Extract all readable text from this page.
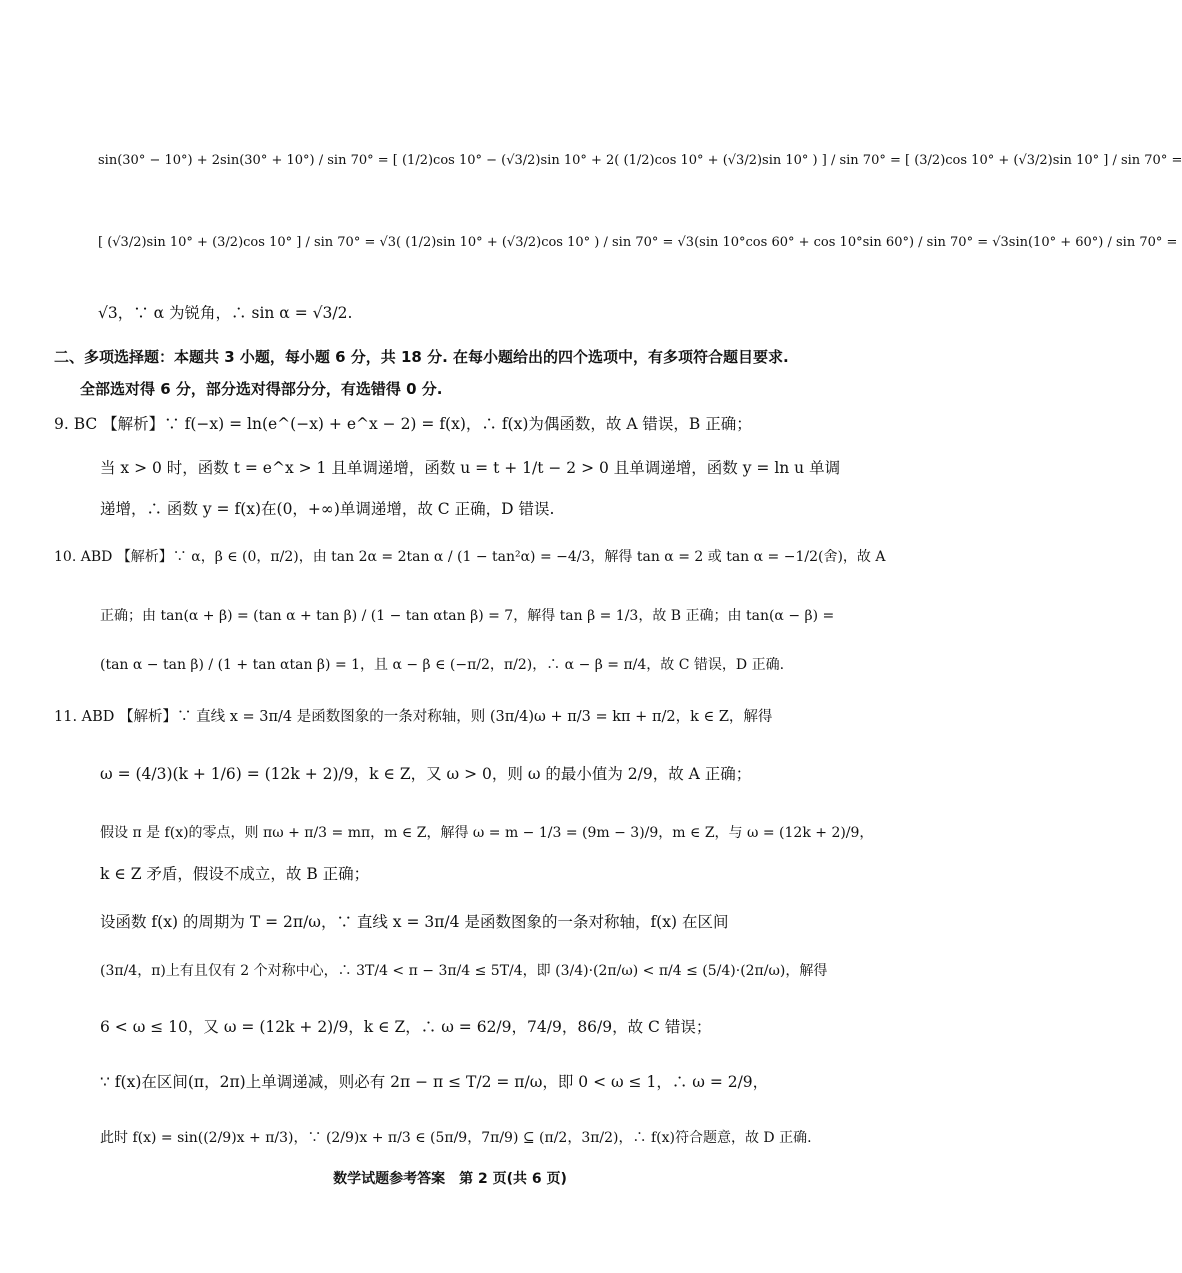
sin(30° − 10°) + 2sin(30° + 10°) / sin 70° = [ (1/2)cos 10° − (√3/2)sin 10° + 2( (1/2)cos 10° + (√3/2)sin 10° ) ] / sin 70° = [ (3/2)cos 10° + (√3/2)sin 10° ] / sin 70° =
[ (√3/2)sin 10° + (3/2)cos 10° ] / sin 70° = √3( (1/2)sin 10° + (√3/2)cos 10° ) / sin 70° = √3(sin 10°cos 60° + cos 10°sin 60°) / sin 70° = √3sin(10° + 60°) / sin 70° =
√3，∵ α 为锐角，∴ sin α = √3/2.
二、多项选择题：本题共 3 小题，每小题 6 分，共 18 分. 在每小题给出的四个选项中，有多项符合题目要求.
全部选对得 6 分，部分选对得部分分，有选错得 0 分.
9. BC 【解析】∵ f(−x) = ln(e^(−x) + e^x − 2) = f(x)，∴ f(x)为偶函数，故 A 错误，B 正确；
当 x > 0 时，函数 t = e^x > 1 且单调递增，函数 u = t + 1/t − 2 > 0 且单调递增，函数 y = ln u 单调
递增，∴ 函数 y = f(x)在(0，+∞)单调递增，故 C 正确，D 错误.
10. ABD 【解析】∵ α，β ∈ (0，π/2)，由 tan 2α = 2tan α / (1 − tan²α) = −4/3，解得 tan α = 2 或 tan α = −1/2(舍)，故 A
正确；由 tan(α + β) = (tan α + tan β) / (1 − tan αtan β) = 7，解得 tan β = 1/3，故 B 正确；由 tan(α − β) =
(tan α − tan β) / (1 + tan αtan β) = 1，且 α − β ∈ (−π/2，π/2)，∴ α − β = π/4，故 C 错误，D 正确.
11. ABD 【解析】∵ 直线 x = 3π/4 是函数图象的一条对称轴，则 (3π/4)ω + π/3 = kπ + π/2，k ∈ Z，解得
ω = (4/3)(k + 1/6) = (12k + 2)/9，k ∈ Z，又 ω > 0，则 ω 的最小值为 2/9，故 A 正确；
假设 π 是 f(x)的零点，则 πω + π/3 = mπ，m ∈ Z，解得 ω = m − 1/3 = (9m − 3)/9，m ∈ Z，与 ω = (12k + 2)/9，
k ∈ Z 矛盾，假设不成立，故 B 正确；
设函数 f(x) 的周期为 T = 2π/ω，∵ 直线 x = 3π/4 是函数图象的一条对称轴，f(x) 在区间
(3π/4，π)上有且仅有 2 个对称中心，∴ 3T/4 < π − 3π/4 ≤ 5T/4，即 (3/4)·(2π/ω) < π/4 ≤ (5/4)·(2π/ω)，解得
6 < ω ≤ 10，又 ω = (12k + 2)/9，k ∈ Z，∴ ω = 62/9，74/9，86/9，故 C 错误；
∵ f(x)在区间(π，2π)上单调递减，则必有 2π − π ≤ T/2 = π/ω，即 0 < ω ≤ 1，∴ ω = 2/9，
此时 f(x) = sin((2/9)x + π/3)，∵ (2/9)x + π/3 ∈ (5π/9，7π/9) ⊆ (π/2，3π/2)，∴ f(x)符合题意，故 D 正确.
数学试题参考答案　第 2 页(共 6 页)
